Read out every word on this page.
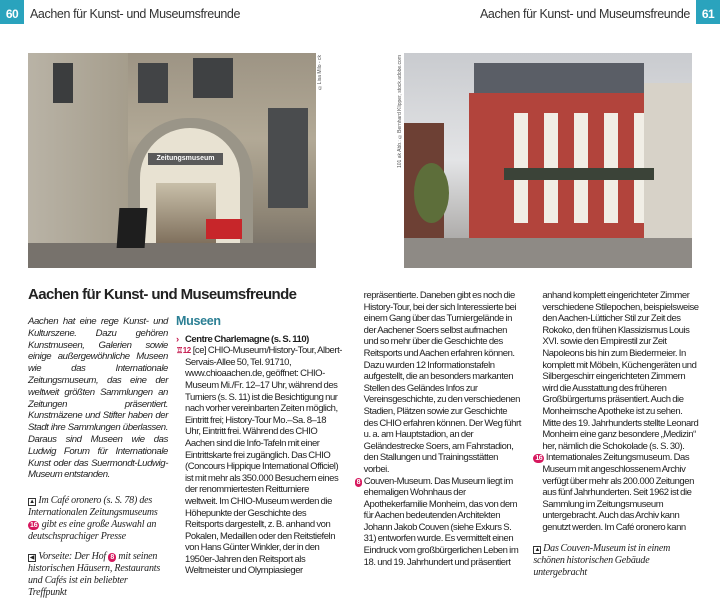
60 Aachen für Kunst- und Museumsfreunde	Aachen für Kunst- und Museumsfreunde 61
Zeitungsmuseum
©Lisa Milo - ck	101 ak Abb.: ©Bernhard Klipper, stock.adobe.com
Aachen für Kunst- und Museumsfreunde

Aachen hat eine rege Kunst- und Kulturszene. Dazu gehören Kunstmuseen, Galerien sowie einige außergewöhnliche Museen wie das Internationale Zeitungsmuseum, das eine der weltweit größten Sammlungen an Zeitungen präsentiert. Kunstmäzene und Stifter haben der Stadt ihre Sammlungen überlassen. Daraus sind Museen wie das Ludwig Forum für Internationale Kunst oder das Suermondt-Ludwig-Museum entstanden.

▲ Im Café oronero (s. S. 78) des Internationalen Zeitungsmuseums 16 gibt es eine große Auswahl an deutschsprachiger Presse

◀ Vorseite: Der Hof 8 mit seinen historischen Häusern, Restaurants und Cafés ist ein beliebter Treffpunkt

Museen

› Centre Charlemagne (s. S. 110)

♖12 [ce] CHIO-Museum/History-Tour, Albert-Servais-Allee 50, Tel. 91710, www.chioaachen.de, geöffnet: CHIO-Museum Mi./Fr. 12–17 Uhr, während des Turniers (s. S. 11) ist die Besichtigung nur nach vorher vereinbarten Zeiten möglich, Eintritt frei; History-Tour Mo.–Sa. 8–18 Uhr, Eintritt frei. Während des CHIO Aachen sind die Info-Tafeln mit einer Eintrittskarte frei zugänglich. Das CHIO (Concours Hippique International Officiel) ist mit mehr als 350.000 Besuchern eines der renommiertesten Reitturniere weltweit. Im CHIO-Museum werden die Höhepunkte der Geschichte des Reitsports dargestellt, z. B. anhand von Pokalen, Medaillen oder den Reitstiefeln von Hans Günter Winkler, der in den 1950er-Jahren den Reitsport als Weltmeister und Olympiasieger repräsentierte. Daneben gibt es noch die History-Tour, bei der sich Interessierte bei einem Gang über das Turniergelände in der Aachener Soers selbst aufmachen und so mehr über die Geschichte des Reitsports und Aachen erfahren können. Dazu wurden 12 Informationstafeln aufgestellt, die an besonders markanten Stellen des Geländes Infos zur Vereinsgeschichte, zu den verschiedenen Stadien, Plätzen sowie zur Geschichte des CHIO erfahren können. Der Weg führt u. a. am Hauptstadion, an der Geländestrecke Soers, am Fahrstadion, den Stallungen und Trainingsstätten vorbei.

8 Couven-Museum. Das Museum liegt im ehemaligen Wohnhaus der Apothekerfamilie Monheim, das von dem für Aachen bedeutenden Architekten Johann Jakob Couven (siehe Exkurs S. 31) entworfen wurde. Es vermittelt einen Eindruck vom großbürgerlichen Leben im 18. und 19. Jahrhundert und präsentiert anhand komplett eingerichteter Zimmer verschiedene Stilepochen, beispielsweise den Aachen-Lütticher Stil zur Zeit des Rokoko, den frühen Klassizismus Louis XVI. sowie den Empirestil zur Zeit Napoleons bis hin zum Biedermeier. In komplett mit Möbeln, Küchengeräten und Silbergeschirr eingerichteten Zimmern wird die Ausstattung des früheren Großbürgertums präsentiert. Auch die Monheimsche Apotheke ist zu sehen. Mitte des 19. Jahrhunderts stellte Leonard Monheim eine ganz besondere „Medizin“ her, nämlich die Schokolade (s. S. 30).

16 Internationales Zeitungsmuseum. Das Museum mit angeschlossenem Archiv verfügt über mehr als 200.000 Zeitungen aus fünf Jahrhunderten. Seit 1962 ist die Sammlung im Zeitungsmuseum untergebracht. Auch das Archiv kann genutzt werden. Im Café oronero kann

▲ Das Couven-Museum ist in einem schönen historischen Gebäude untergebracht
